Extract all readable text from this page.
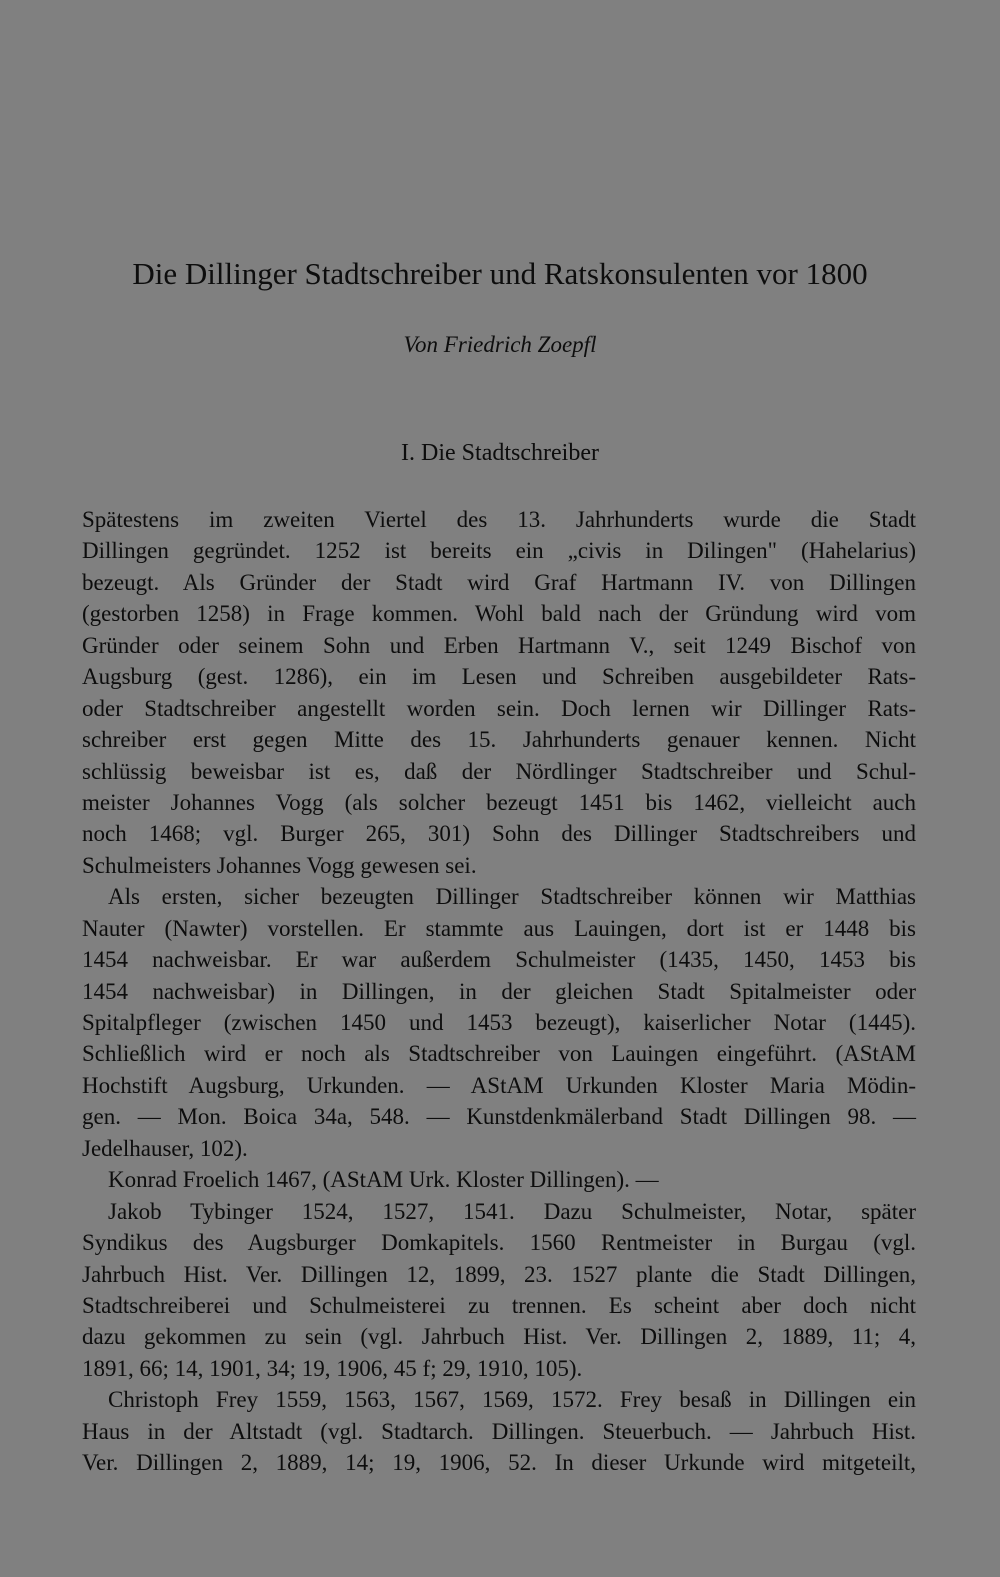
Die Dillinger Stadtschreiber und Ratskonsulenten vor 1800
Von Friedrich Zoepfl
I. Die Stadtschreiber
Spätestens im zweiten Viertel des 13. Jahrhunderts wurde die Stadt
Dillingen gegründet. 1252 ist bereits ein „civis in Dilingen" (Hahelarius)
bezeugt. Als Gründer der Stadt wird Graf Hartmann IV. von Dillingen
(gestorben 1258) in Frage kommen. Wohl bald nach der Gründung wird vom
Gründer oder seinem Sohn und Erben Hartmann V., seit 1249 Bischof von
Augsburg (gest. 1286), ein im Lesen und Schreiben ausgebildeter Rats-
oder Stadtschreiber angestellt worden sein. Doch lernen wir Dillinger Rats-
schreiber erst gegen Mitte des 15. Jahrhunderts genauer kennen. Nicht
schlüssig beweisbar ist es, daß der Nördlinger Stadtschreiber und Schul-
meister Johannes Vogg (als solcher bezeugt 1451 bis 1462, vielleicht auch
noch 1468; vgl. Burger 265, 301) Sohn des Dillinger Stadtschreibers und
Schulmeisters Johannes Vogg gewesen sei.
Als ersten, sicher bezeugten Dillinger Stadtschreiber können wir Matthias
Nauter (Nawter) vorstellen. Er stammte aus Lauingen, dort ist er 1448 bis
1454 nachweisbar. Er war außerdem Schulmeister (1435, 1450, 1453 bis
1454 nachweisbar) in Dillingen, in der gleichen Stadt Spitalmeister oder
Spitalpfleger (zwischen 1450 und 1453 bezeugt), kaiserlicher Notar (1445).
Schließlich wird er noch als Stadtschreiber von Lauingen eingeführt. (AStAM
Hochstift Augsburg, Urkunden. — AStAM Urkunden Kloster Maria Mödin-
gen. — Mon. Boica 34a, 548. — Kunstdenkmälerband Stadt Dillingen 98. —
Jedelhauser, 102).
Konrad Froelich 1467, (AStAM Urk. Kloster Dillingen). —
Jakob Tybinger 1524, 1527, 1541. Dazu Schulmeister, Notar, später
Syndikus des Augsburger Domkapitels. 1560 Rentmeister in Burgau (vgl.
Jahrbuch Hist. Ver. Dillingen 12, 1899, 23. 1527 plante die Stadt Dillingen,
Stadtschreiberei und Schulmeisterei zu trennen. Es scheint aber doch nicht
dazu gekommen zu sein (vgl. Jahrbuch Hist. Ver. Dillingen 2, 1889, 11; 4,
1891, 66; 14, 1901, 34; 19, 1906, 45 f; 29, 1910, 105).
Christoph Frey 1559, 1563, 1567, 1569, 1572. Frey besaß in Dillingen ein
Haus in der Altstadt (vgl. Stadtarch. Dillingen. Steuerbuch. — Jahrbuch Hist.
Ver. Dillingen 2, 1889, 14; 19, 1906, 52. In dieser Urkunde wird mitgeteilt,
